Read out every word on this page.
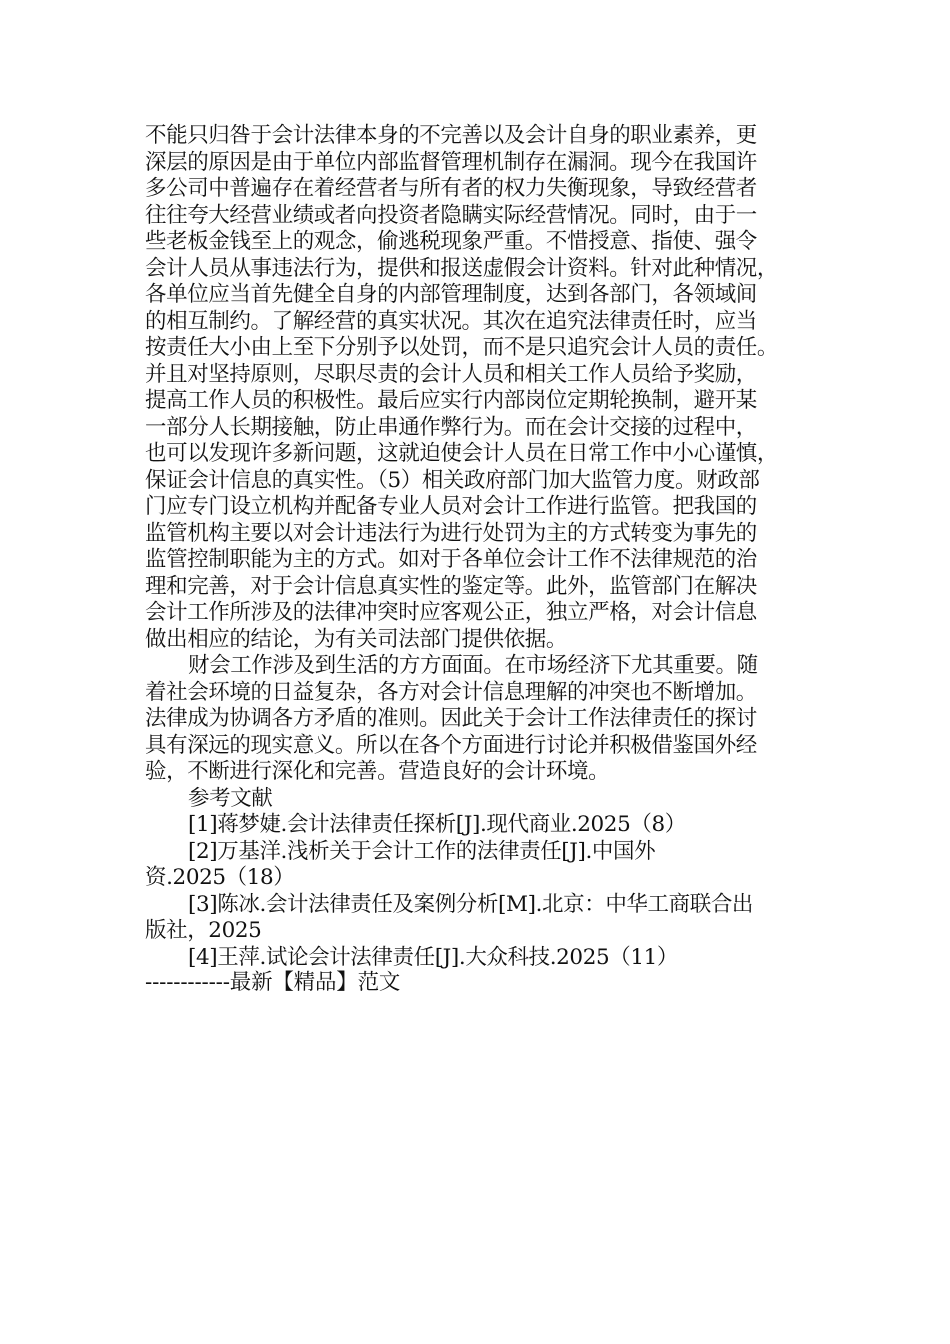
不能只归咎于会计法律本身的不完善以及会计自身的职业素养，更
深层的原因是由于单位内部监督管理机制存在漏洞。现今在我国许
多公司中普遍存在着经营者与所有者的权力失衡现象，导致经营者
往往夸大经营业绩或者向投资者隐瞒实际经营情况。同时，由于一
些老板金钱至上的观念，偷逃税现象严重。不惜授意、指使、强令
会计人员从事违法行为，提供和报送虚假会计资料。针对此种情况，
各单位应当首先健全自身的内部管理制度，达到各部门，各领域间
的相互制约。了解经营的真实状况。其次在追究法律责任时，应当
按责任大小由上至下分别予以处罚，而不是只追究会计人员的责任。
并且对坚持原则，尽职尽责的会计人员和相关工作人员给予奖励，
提高工作人员的积极性。最后应实行内部岗位定期轮换制，避开某
一部分人长期接触，防止串通作弊行为。而在会计交接的过程中，
也可以发现许多新问题，这就迫使会计人员在日常工作中小心谨慎，
保证会计信息的真实性。（5）相关政府部门加大监管力度。财政部
门应专门设立机构并配备专业人员对会计工作进行监管。把我国的
监管机构主要以对会计违法行为进行处罚为主的方式转变为事先的
监管控制职能为主的方式。如对于各单位会计工作不法律规范的治
理和完善，对于会计信息真实性的鉴定等。此外，监管部门在解决
会计工作所涉及的法律冲突时应客观公正，独立严格，对会计信息
做出相应的结论，为有关司法部门提供依据。
财会工作涉及到生活的方方面面。在市场经济下尤其重要。随
着社会环境的日益复杂，各方对会计信息理解的冲突也不断增加。
法律成为协调各方矛盾的准则。因此关于会计工作法律责任的探讨
具有深远的现实意义。所以在各个方面进行讨论并积极借鉴国外经
验，不断进行深化和完善。营造良好的会计环境。
参考文献
[1]蒋梦婕.会计法律责任探析[J].现代商业.2025（8）
[2]万基洋.浅析关于会计工作的法律责任[J].中国外
资.2025（18）
[3]陈冰.会计法律责任及案例分析[M].北京：中华工商联合出
版社，2025
[4]王萍.试论会计法律责任[J].大众科技.2025（11）
------------最新【精品】范文
